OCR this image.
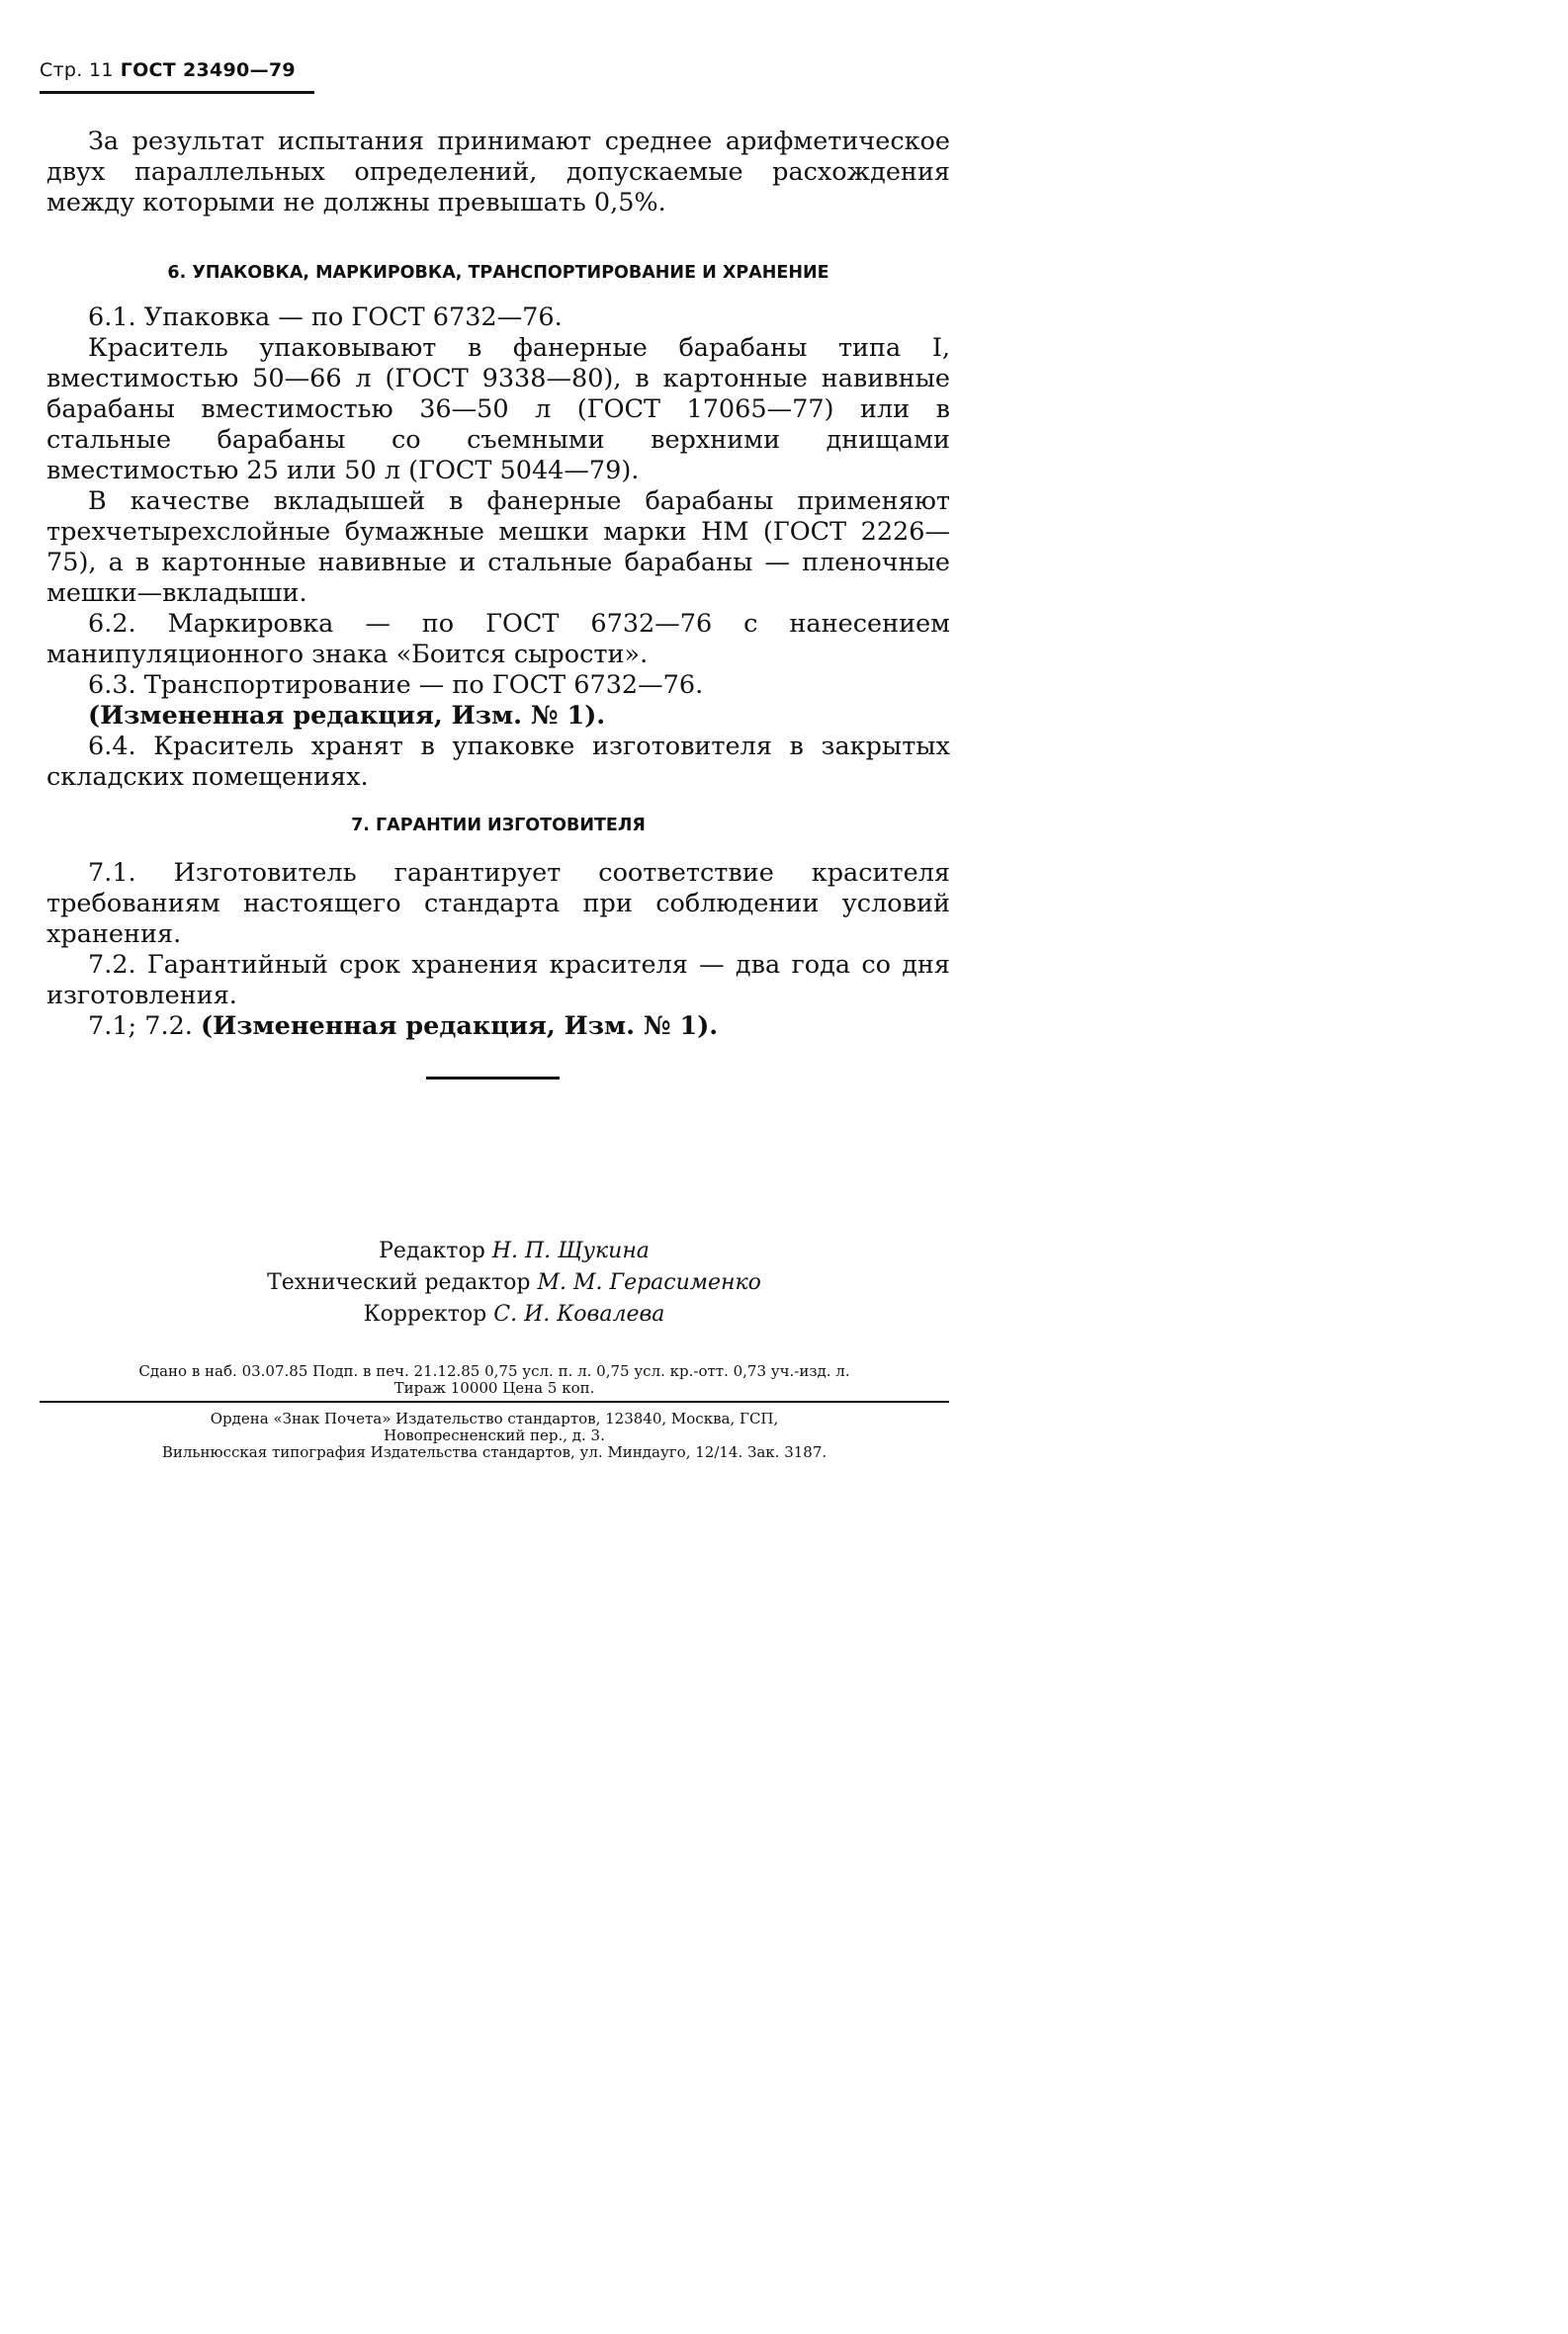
Стр. 11 ГОСТ 23490—79

За результат испытания принимают среднее арифметическое двух параллельных определений, допускаемые расхождения между которыми не должны превышать 0,5%.

6. УПАКОВКА, МАРКИРОВКА, ТРАНСПОРТИРОВАНИЕ И ХРАНЕНИЕ

6.1. Упаковка — по ГОСТ 6732—76.

Краситель упаковывают в фанерные барабаны типа I, вместимостью 50—66 л (ГОСТ 9338—80), в картонные навивные барабаны вместимостью 36—50 л (ГОСТ 17065—77) или в стальные барабаны со съемными верхними днищами вместимостью 25 или 50 л (ГОСТ 5044—79).

В качестве вкладышей в фанерные барабаны применяют трехчетырехслойные бумажные мешки марки НМ (ГОСТ 2226—75), а в картонные навивные и стальные барабаны — пленочные мешки—вкладыши.

6.2. Маркировка — по ГОСТ 6732—76 с нанесением манипуляционного знака «Боится сырости».

6.3. Транспортирование — по ГОСТ 6732—76.

(Измененная редакция, Изм. № 1).

6.4. Краситель хранят в упаковке изготовителя в закрытых складских помещениях.

7. ГАРАНТИИ ИЗГОТОВИТЕЛЯ

7.1. Изготовитель гарантирует соответствие красителя требованиям настоящего стандарта при соблюдении условий хранения.

7.2. Гарантийный срок хранения красителя — два года со дня изготовления.

7.1; 7.2. (Измененная редакция, Изм. № 1).

Редактор Н. П. Щукина
Технический редактор М. М. Герасименко
Корректор С. И. Ковалева
Сдано в наб. 03.07.85 Подп. в печ. 21.12.85 0,75 усл. п. л. 0,75 усл. кр.-отт. 0,73 уч.-изд. л.
Тираж 10000 Цена 5 коп.
Ордена «Знак Почета» Издательство стандартов, 123840, Москва, ГСП,
Новопресненский пер., д. 3.
Вильнюсская типография Издательства стандартов, ул. Миндауго, 12/14. Зак. 3187.
